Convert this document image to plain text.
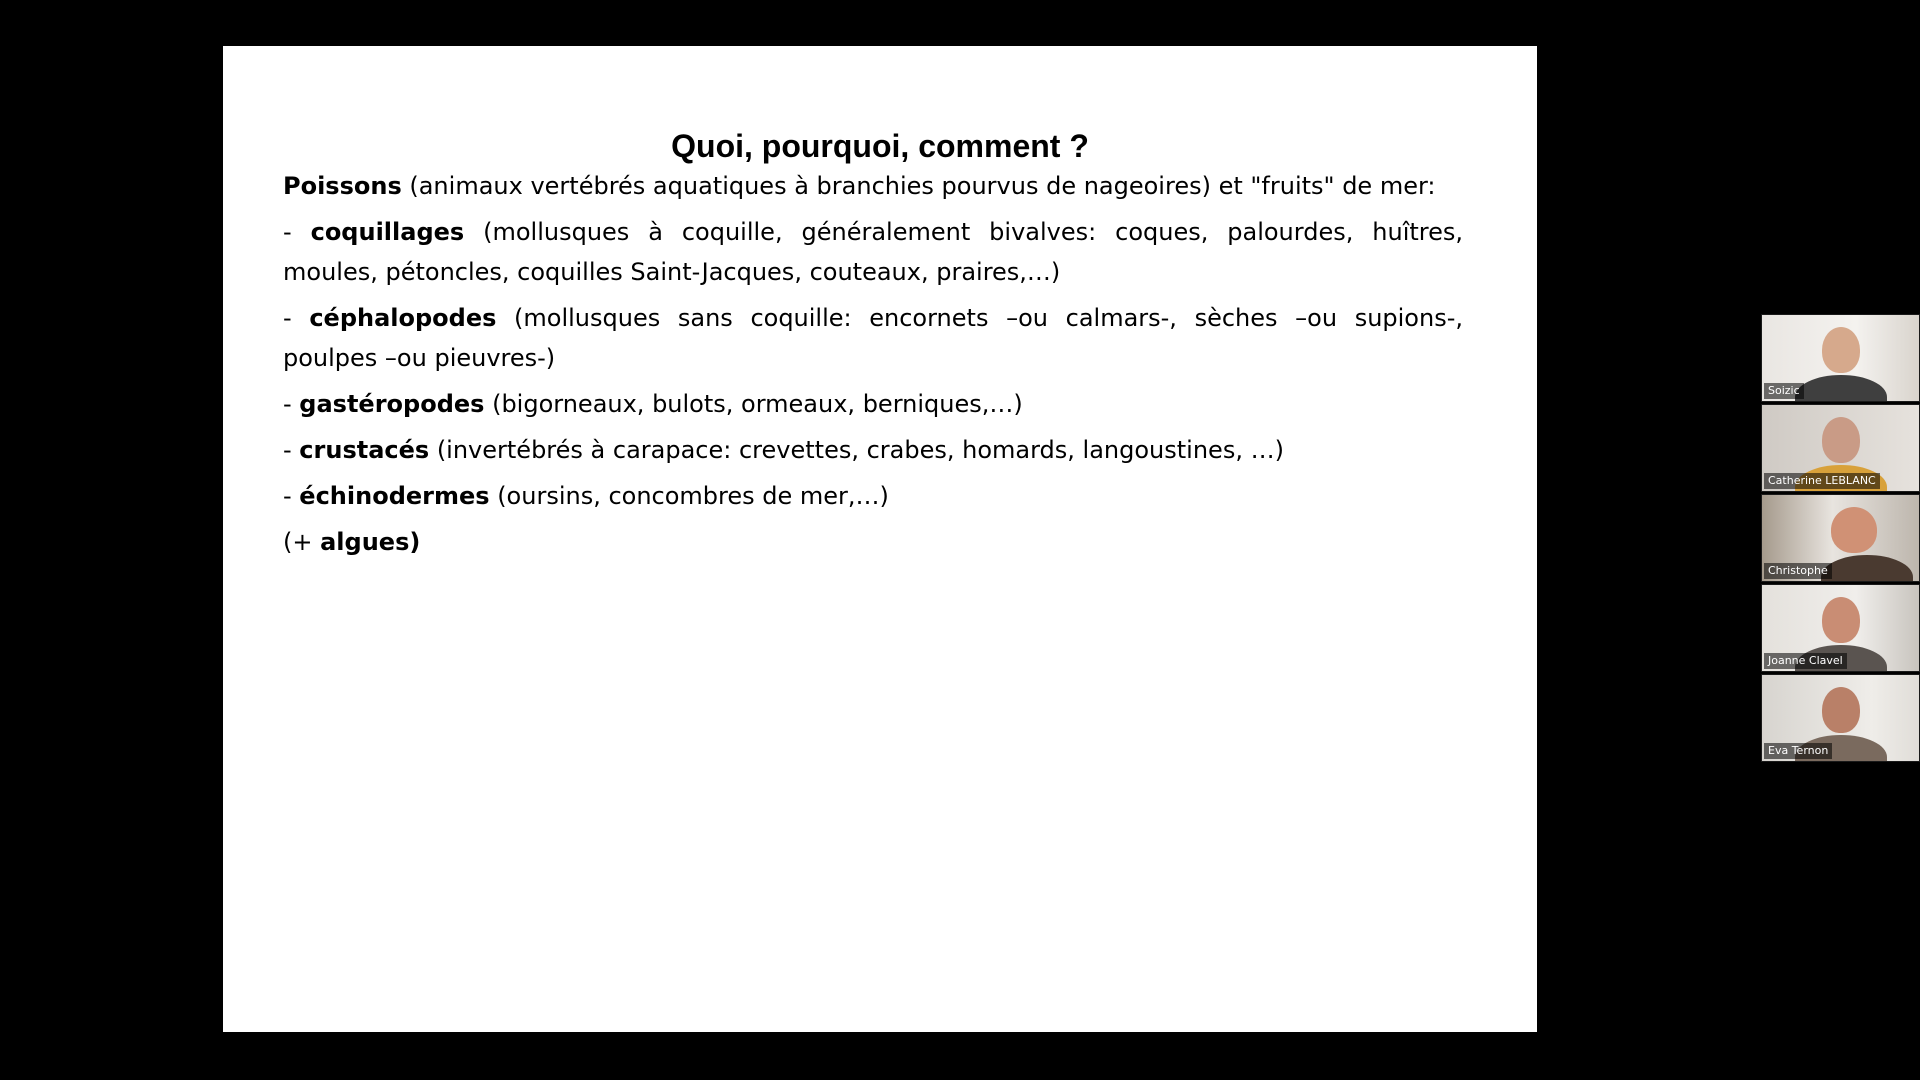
Quoi, pourquoi, comment ?

Poissons (animaux vertébrés aquatiques à branchies pourvus de nageoires) et "fruits" de mer:

- coquillages (mollusques à coquille, généralement bivalves: coques, palourdes, huîtres, moules, pétoncles, coquilles Saint-Jacques, couteaux, praires,…)

- céphalopodes (mollusques sans coquille: encornets –ou calmars-, sèches –ou supions-, poulpes –ou pieuvres-)

- gastéropodes (bigorneaux, bulots, ormeaux, berniques,…)

- crustacés (invertébrés à carapace: crevettes, crabes, homards, langoustines, …)

- échinodermes (oursins, concombres de mer,…)

(+ algues)

Soizic
Catherine LEBLANC
Christophe
Joanne Clavel
Eva Ternon
